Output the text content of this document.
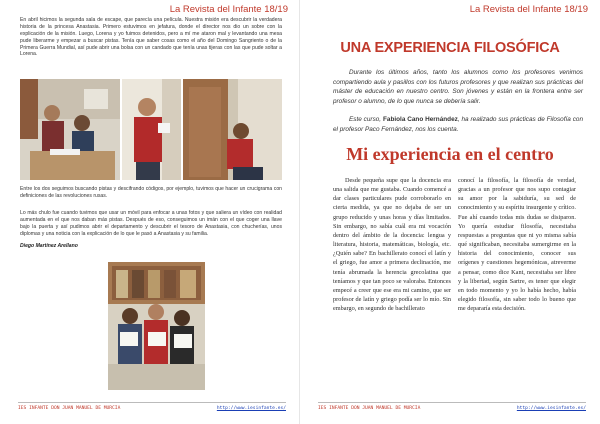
La Revista del Infante 18/19

En abril hicimos la segunda sala de escape, que parecía una película. Nuestra misión era descubrir la verdadera historia de la princesa Anastasia. Primero estuvimos en jefatura, donde el director nos dio un sobre con la explicación de la misión. Luego, Lorena y yo fuimos detenidos, pero a mí me ataron mal y levantando una mesa pude liberarme y empezar a buscar pistas. Tenía que saber cosas como el año del Domingo Sangriento o de la Primera Guerra Mundial, así pude abrir una bolsa con un candado que tenía unas tijeras con las que pude soltar a Lorena.

Entre los dos seguimos buscando pistas y descifrando códigos, por ejemplo, tuvimos que hacer un crucigrama con definiciones de las revoluciones rusas.

Lo más chulo fue cuando tuvimos que usar un móvil para enfocar a unas fotos y que saliera un vídeo con realidad aumentada en el que nos daban más pistas. Después de eso, conseguimos un imán con el que coger una llave bajo la puerta y así pudimos abrir el departamento y descubrir el tesoro de Anastasia, con chucherías, unos diplomas y una noticia con la explicación de lo que le pasó a Anastasia y su familia.

Diego Martínez Arellano
IES INFANTE DON JUAN MANUEL DE MURCIA	http://www.iesinfante.es/
La Revista del Infante 18/19
UNA EXPERIENCIA FILOSÓFICA

Durante los últimos años, tanto los alumnos como los profesores venimos compartiendo aula y pasillos con los futuros profesores y que realizan sus prácticas del máster de educación en nuestro centro. Son jóvenes y están en la frontera entre ser profesor o alumno, de lo que nunca se debería salir.

Este curso, Fabiola Cano Hernández, ha realizado sus prácticas de Filosofía con el profesor Paco Fernández, nos los cuenta.

Mi experiencia en el centro

Desde pequeña supe que la docencia era una salida que me gustaba. Cuando comencé a dar clases particulares pude corroborarlo en cierta medida, ya que no dejaba de ser un grupo reducido y unas horas y días limitados. Sin embargo, no sabía cuál era mi vocación dentro del ámbito de la docencia: lengua y literatura, historia, matemáticas, biología, etc. ¿Quién sabe? En bachillerato conocí el latín y el griego, fue amor a primera declinación, me tenía abrumada la herencia grecolatina que teníamos y que tan poco se valoraba. Entonces empecé a creer que ese era mi camino, que ser profesor de latín y griego podía ser lo mío. Sin embargo, en segundo de bachillerato

conocí la filosofía, la filosofía de verdad, gracias a un profesor que nos supo contagiar su amor por la sabiduría, su sed de conocimiento y su espíritu insurgente y crítico. Fue ahí cuando todas mis dudas se disiparon. Yo quería estudiar filosofía, necesitaba respuestas a preguntas que ni yo misma sabía qué significaban, necesitaba sumergirme en la historia del conocimiento, conocer sus orígenes y cuestiones hegemónicas, atreverme a pensar, como dice Kant, necesitaba ser libre y la libertad, según Sartre, es tener que elegir en todo momento y yo lo había hecho, había elegido filosofía, sin saber todo lo bueno que me depararía esta decisión.

IES INFANTE DON JUAN MANUEL DE MURCIA	http://www.iesinfante.es/
